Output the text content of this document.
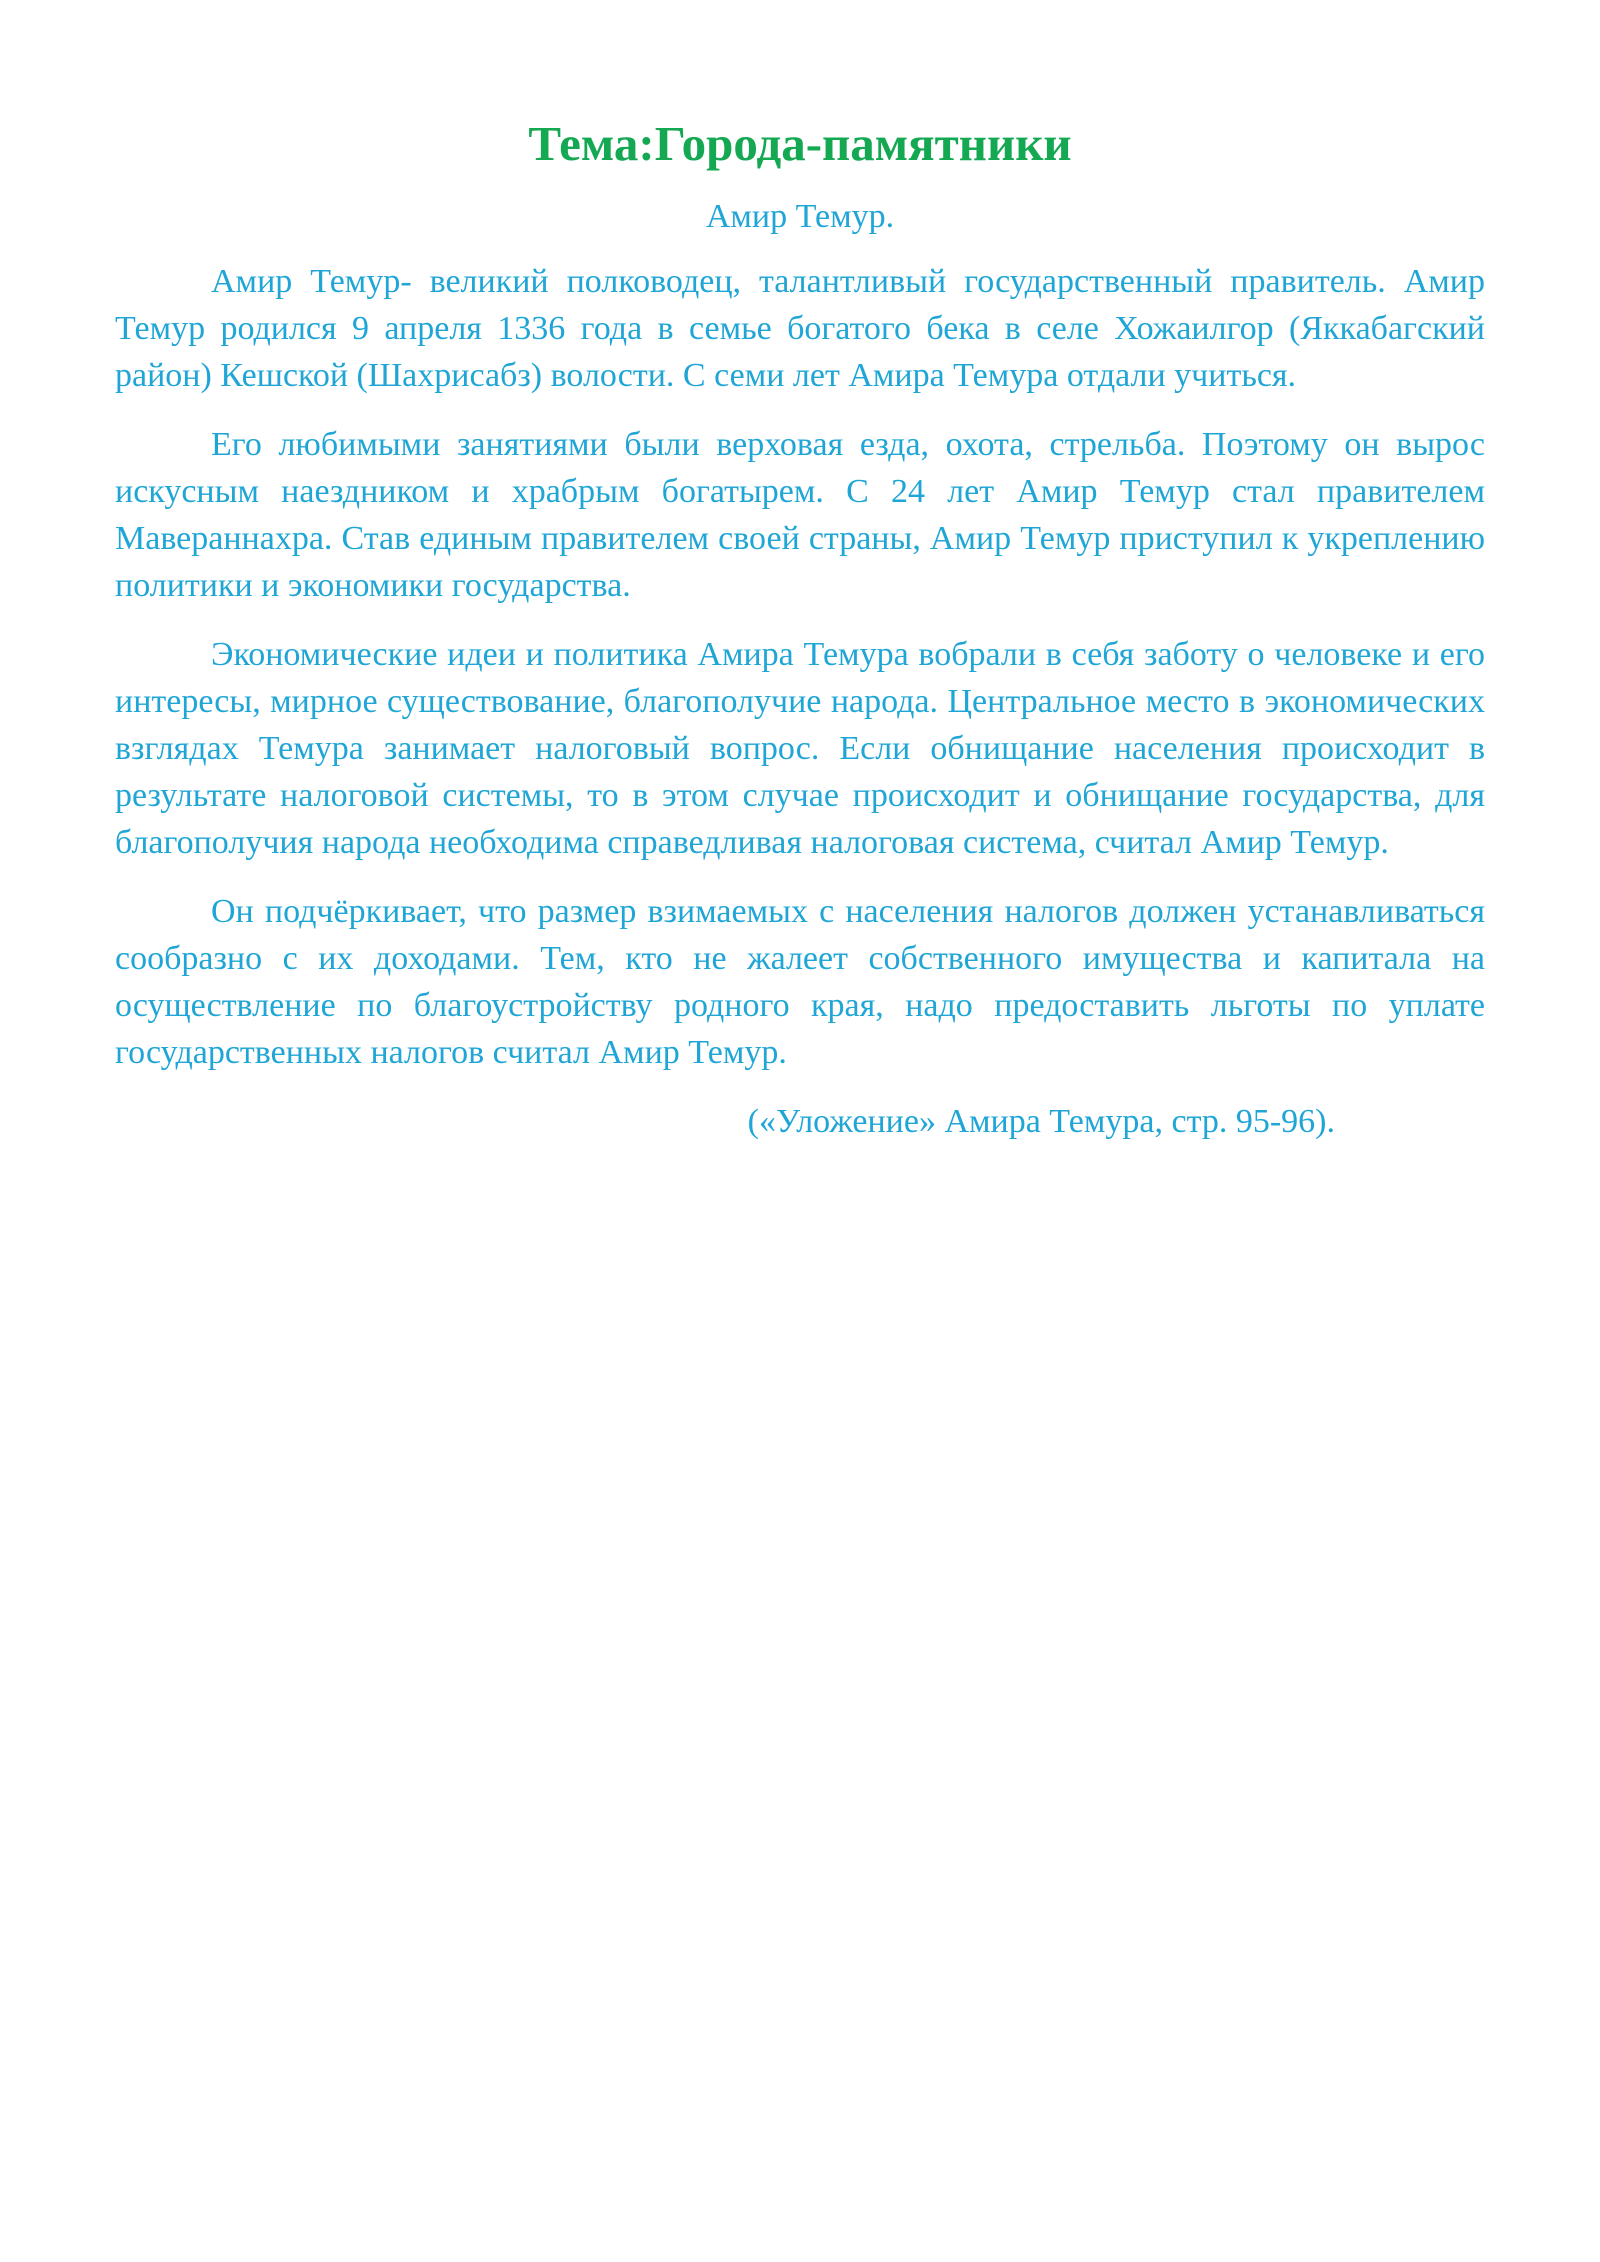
Тема:Города-памятники
Амир Темур.

Амир Темур- великий полководец, талантливый государственный правитель. Амир Темур родился 9 апреля 1336 года в семье богатого бека в селе Хожаилгор (Яккабагский район) Кешской (Шахрисабз) волости. С семи лет Амира Темура отдали учиться.

Его любимыми занятиями были верховая езда, охота, стрельба. Поэтому он вырос искусным наездником и храбрым богатырем. С 24 лет Амир Темур стал правителем Мавераннахра. Став единым правителем своей страны, Амир Темур приступил к укреплению политики и экономики государства.

Экономические идеи и политика Амира Темура вобрали в себя заботу о человеке и его интересы, мирное существование, благополучие народа. Центральное место в экономических взглядах Темура занимает налоговый вопрос. Если обнищание населения происходит в результате налоговой системы, то в этом случае происходит и обнищание государства, для благополучия народа необходима справедливая налоговая система, считал Амир Темур.

Он подчёркивает, что размер взимаемых с населения налогов должен устанавливаться сообразно с их доходами. Тем, кто не жалеет собственного имущества и капитала на осуществление по благоустройству родного края, надо предоставить льготы по уплате государственных налогов считал Амир Темур.

(«Уложение» Амира Темура, стр. 95-96).
